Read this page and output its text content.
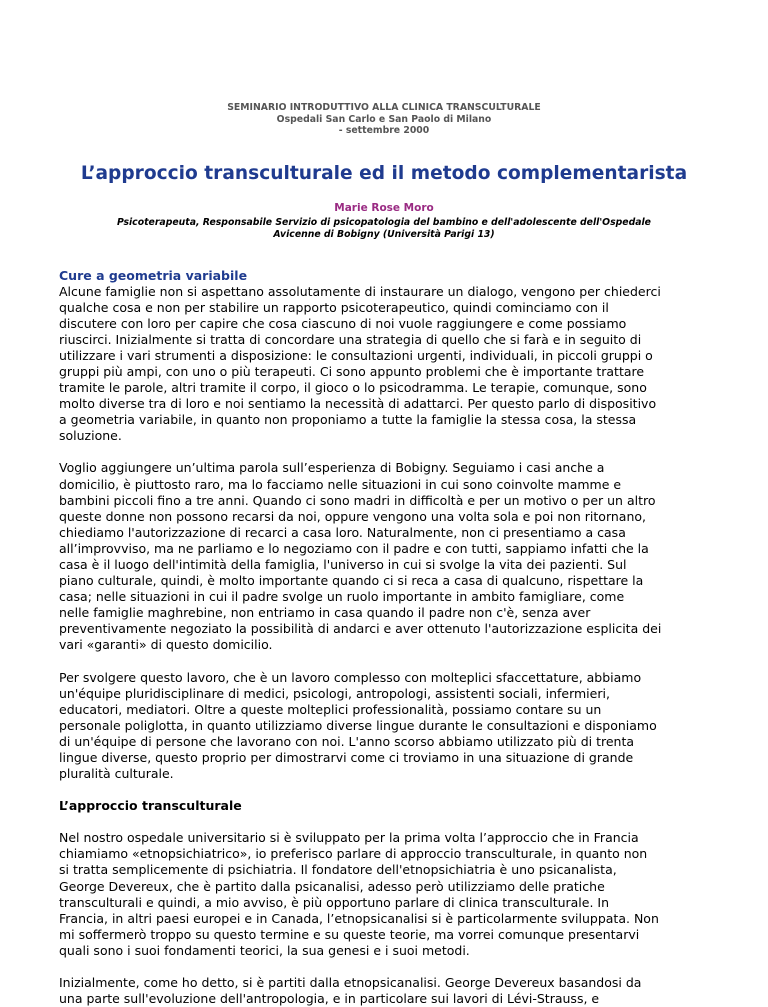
SEMINARIO INTRODUTTIVO ALLA CLINICA TRANSCULTURALE
Ospedali San Carlo e San Paolo di Milano
- settembre 2000
L’approccio transculturale ed il metodo complementarista
Marie Rose Moro
Psicoterapeuta, Responsabile Servizio di psicopatologia del bambino e dell'adolescente dell'Ospedale
Avicenne di Bobigny (Università Parigi 13)
Cure a geometria variabile
Alcune famiglie non si aspettano assolutamente di instaurare un dialogo, vengono per chiederci
qualche cosa e non per stabilire un rapporto psicoterapeutico, quindi cominciamo con il
discutere con loro per capire che cosa ciascuno di noi vuole raggiungere e come possiamo
riuscirci. Inizialmente si tratta di concordare una strategia di quello che si farà e in seguito di
utilizzare i vari strumenti a disposizione: le consultazioni urgenti, individuali, in piccoli gruppi o
gruppi più ampi, con uno o più terapeuti. Ci sono appunto problemi che è importante trattare
tramite le parole, altri tramite il corpo, il gioco o lo psicodramma. Le terapie, comunque, sono
molto diverse tra di loro e noi sentiamo la necessità di adattarci. Per questo parlo di dispositivo
a geometria variabile, in quanto non proponiamo a tutte la famiglie la stessa cosa, la stessa
soluzione.
Voglio aggiungere un’ultima parola sull’esperienza di Bobigny. Seguiamo i casi anche a
domicilio, è piuttosto raro, ma lo facciamo nelle situazioni in cui sono coinvolte mamme e
bambini piccoli fino a tre anni. Quando ci sono madri in difficoltà e per un motivo o per un altro
queste donne non possono recarsi da noi, oppure vengono una volta sola e poi non ritornano,
chiediamo l'autorizzazione di recarci a casa loro. Naturalmente, non ci presentiamo a casa
all’improvviso, ma ne parliamo e lo negoziamo con il padre e con tutti, sappiamo infatti che la
casa è il luogo dell'intimità della famiglia, l'universo in cui si svolge la vita dei pazienti. Sul
piano culturale, quindi, è molto importante quando ci si reca a casa di qualcuno, rispettare la
casa; nelle situazioni in cui il padre svolge un ruolo importante in ambito famigliare, come
nelle famiglie maghrebine, non entriamo in casa quando il padre non c'è, senza aver
preventivamente negoziato la possibilità di andarci e aver ottenuto l'autorizzazione esplicita dei
vari «garanti» di questo domicilio.
Per svolgere questo lavoro, che è un lavoro complesso con molteplici sfaccettature, abbiamo
un'équipe pluridisciplinare di medici, psicologi, antropologi, assistenti sociali, infermieri,
educatori, mediatori. Oltre a queste molteplici professionalità, possiamo contare su un
personale poliglotta, in quanto utilizziamo diverse lingue durante le consultazioni e disponiamo
di un'équipe di persone che lavorano con noi. L'anno scorso abbiamo utilizzato più di trenta
lingue diverse, questo proprio per dimostrarvi come ci troviamo in una situazione di grande
pluralità culturale.
L’approccio transculturale
Nel nostro ospedale universitario si è sviluppato per la prima volta l’approccio che in Francia
chiamiamo «etnopsichiatrico», io preferisco parlare di approccio transculturale, in quanto non
si tratta semplicemente di psichiatria. Il fondatore dell'etnopsichiatria è uno psicanalista,
George Devereux, che è partito dalla psicanalisi, adesso però utilizziamo delle pratiche
transculturali e quindi, a mio avviso, è più opportuno parlare di clinica transculturale. In
Francia, in altri paesi europei e in Canada, l’etnopsicanalisi si è particolarmente sviluppata. Non
mi soffermerò troppo su questo termine e su queste teorie, ma vorrei comunque presentarvi
quali sono i suoi fondamenti teorici, la sua genesi e i suoi metodi.
Inizialmente, come ho detto, si è partiti dalla etnopsicanalisi. George Devereux basandosi da
una parte sull'evoluzione dell'antropologia, e in particolare sui lavori di Lévi-Strauss, e
